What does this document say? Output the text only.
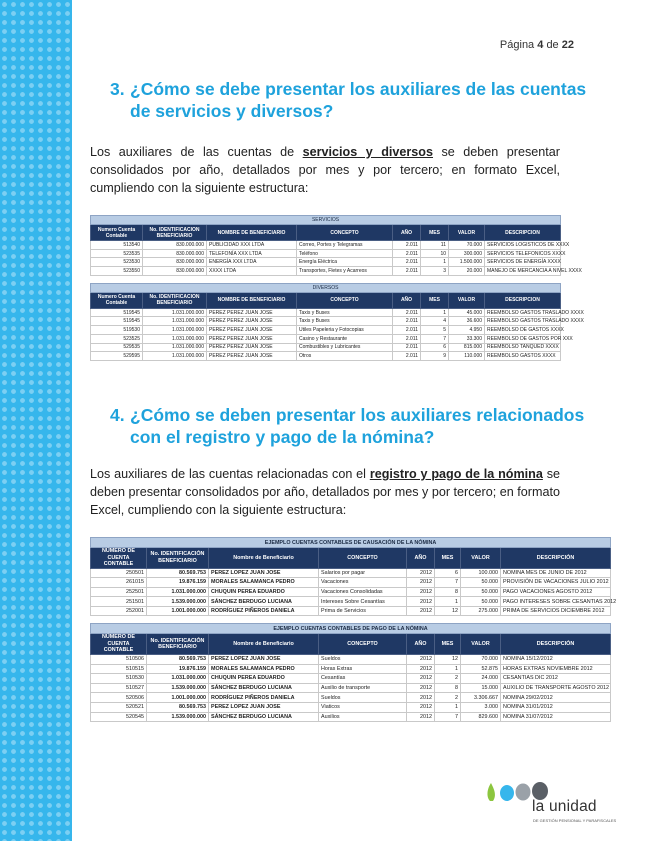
Página 4 de 22
3. ¿Cómo se debe presentar los auxiliares de las cuentas de servicios y diversos?

Los auxiliares de las cuentas de servicios y diversos se deben presentar consolidados por año, detallados por mes y por tercero; en formato Excel, cumpliendo con la siguiente estructura:

SERVICIOS							
Numero Cuenta Contable	No. IDENTIFICACION BENEFICIARIO	NOMBRE DE BENEFICIARIO	CONCEPTO	AÑO	MES	VALOR	DESCRIPCION
513540	830.000.000	PUBLICIDAD XXX LTDA	Correo, Portes y Telegramas	2.011	11	70.000	SERVICIOS LOGISTICOS DE XXXX
523535	830.000.000	TELEFONÍA XXX LTDA	Teléfono	2.011	10	300.000	SERVICIOS TELEFONICOS XXXX
523530	830.000.000	ENERGÍA XXX LTDA	Energía Eléctrica	2.011	1	1.500.000	SERVICIOS DE ENERGÍA XXXX
523550	830.000.000	XXXX LTDA	Transportes, Fletes y Acarreos	2.011	3	20.000	MANEJO DE MERCANCIA A NIVEL XXXX

DIVERSOS							
Numero Cuenta Contable	No. IDENTIFICACION BENEFICIARIO	NOMBRE DE BENEFICIARIO	CONCEPTO	AÑO	MES	VALOR	DESCRIPCION
519545	1.031.000.000	PEREZ PEREZ JUAN JOSE	Taxis y Buses	2.011	1	45.000	REEMBOLSO GASTOS TRASLADO XXXX
519545	1.031.000.000	PEREZ PEREZ JUAN JOSE	Taxis y Buses	2.011	4	36.600	REEMBOLSO GASTOS TRASLADO XXXX
519530	1.031.000.000	PEREZ PEREZ JUAN JOSE	Utiles Papeleria y Fotocopias	2.011	5	4.950	REEMBOLSO DE GASTOS XXXX
523525	1.031.000.000	PEREZ PEREZ JUAN JOSE	Casino y Restaurante	2.011	7	33.300	REEMBOLSO DE GASTOS POR XXX
529535	1.031.000.000	PEREZ PEREZ JUAN JOSE	Combustibles y Lubricantes	2.011	6	815.000	REEMBOLSO TANQUED XXXX
529595	1.031.000.000	PEREZ PEREZ JUAN JOSE	Otros	2.011	9	110.000	REEMBOLSO GASTOS XXXX
4. ¿Cómo se deben presentar los auxiliares relacionados con el registro y pago de la nómina?

Los auxiliares de las cuentas relacionadas con el registro y pago de la nómina se deben presentar consolidados por año, detallados por mes y por tercero; en formato Excel, cumpliendo con la siguiente estructura:

EJEMPLO CUENTAS CONTABLES DE CAUSACIÓN DE LA NÓMINA							
NÚMERO DE CUENTA CONTABLE	No. IDENTIFICACIÓN BENEFICIARIO	Nombre de Beneficiario	CONCEPTO	AÑO	MES	VALOR	DESCRIPCIÓN
250501	80.569.753	PEREZ LOPEZ JUAN JOSE	Salarios por pagar	2012	6	100.000	NOMINA MES DE JUNIO DE 2012
261015	19.876.159	MORALES SALAMANCA PEDRO	Vacaciones	2012	7	50.000	PROVISIÓN DE VACACIONES JULIO 2012
252501	1.031.000.000	CHUQUIN PEREA EDUARDO	Vacaciones Consolidadas	2012	8	50.000	PAGO VACACIONES AGOSTO 2012
251501	1.539.000.000	SÁNCHEZ BERDUGO LUCIANA	Intereses Sobre Cesantías	2012	1	50.000	PAGO INTERESES SOBRE CESANTIAS 2012
252001	1.001.000.000	RODRÍGUEZ PIÑEROS DANIELA	Prima de Servicios	2012	12	275.000	PRIMA DE SERVICIOS DICIEMBRE 2012

EJEMPLO CUENTAS CONTABLES DE PAGO DE LA NÓMINA							
NÚMERO DE CUENTA CONTABLE	No. IDENTIFICACIÓN BENEFICIARIO	Nombre de Beneficiario	CONCEPTO	AÑO	MES	VALOR	DESCRIPCIÓN
510506	80.569.753	PEREZ LOPEZ JUAN JOSE	Sueldos	2012	12	70.000	NOMINA 15/12/2012
510515	19.876.159	MORALES SALAMANCA PEDRO	Horas Extras	2012	1	52.875	HORAS EXTRAS NOVIEMBRE 2012
510530	1.031.000.000	CHUQUIN PEREA EDUARDO	Cesantías	2012	2	24.000	CESANTIAS DIC 2012
510527	1.539.000.000	SÁNCHEZ BERDUGO LUCIANA	Auxilio de transporte	2012	8	15.000	AUXILIO DE TRANSPORTE AGOSTO 2012
520506	1.001.000.000	RODRÍGUEZ PIÑEROS DANIELA	Sueldos	2012	2	3.306.667	NOMINA 29/02/2012
520521	80.569.753	PEREZ LOPEZ JUAN JOSE	Viaticos	2012	1	3.000	NOMINA 31/01/2012
520545	1.539.000.000	SÁNCHEZ BERDUGO LUCIANA	Auxilios	2012	7	829.600	NOMINA 31/07/2012
la unidad
DE GESTIÓN PENSIONAL Y PARAFISCALES
